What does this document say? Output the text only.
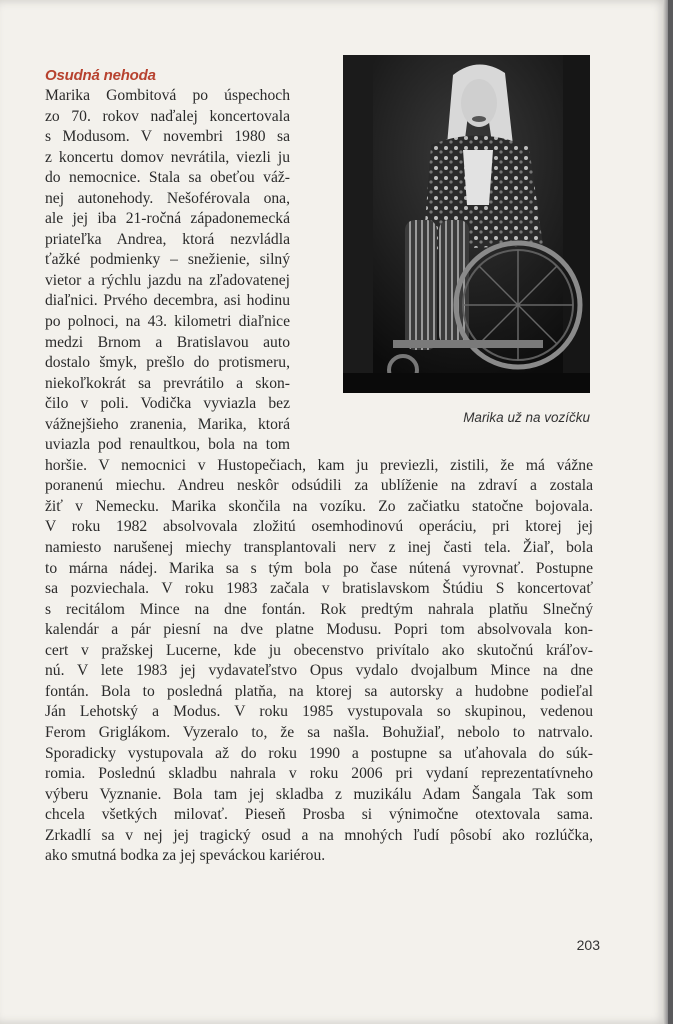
Marika už na vozíčku
Osudná nehoda
Marika Gombitová po úspechoch
zo 70. rokov naďalej koncertovala
s Modusom. V novembri 1980 sa
z koncertu domov nevrátila, viezli ju
do nemocnice. Stala sa obeťou váž-
nej autonehody. Nešoférovala ona,
ale jej iba 21-ročná západonemecká
priateľka Andrea, ktorá nezvládla
ťažké podmienky – snežienie, silný
vietor a rýchlu jazdu na zľadovatenej
diaľnici. Prvého decembra, asi hodinu
po polnoci, na 43. kilometri diaľnice
medzi Brnom a Bratislavou auto
dostalo šmyk, prešlo do protismeru,
niekoľkokrát sa prevrátilo a skon-
čilo v poli. Vodička vyviazla bez
vážnejšieho zranenia, Marika, ktorá
uviazla pod renaultkou, bola na tom
horšie. V nemocnici v Hustopečiach, kam ju previezli, zistili, že má vážne
poranenú miechu. Andreu neskôr odsúdili za ublíženie na zdraví a zostala
žiť v Nemecku. Marika skončila na vozíku. Zo začiatku statočne bojovala.
V roku 1982 absolvovala zložitú osemhodinovú operáciu, pri ktorej jej
namiesto narušenej miechy transplantovali nerv z inej časti tela. Žiaľ, bola
to márna nádej. Marika sa s tým bola po čase nútená vyrovnať. Postupne
sa pozviechala. V roku 1983 začala v bratislavskom Štúdiu S koncertovať
s recitálom Mince na dne fontán. Rok predtým nahrala platňu Slnečný
kalendár a pár piesní na dve platne Modusu. Popri tom absolvovala kon-
cert v pražskej Lucerne, kde ju obecenstvo privítalo ako skutočnú kráľov-
nú. V lete 1983 jej vydavateľstvo Opus vydalo dvojalbum Mince na dne
fontán. Bola to posledná platňa, na ktorej sa autorsky a hudobne podieľal
Ján Lehotský a Modus. V roku 1985 vystupovala so skupinou, vedenou
Ferom Griglákom. Vyzeralo to, že sa našla. Bohužiaľ, nebolo to natrvalo.
Sporadicky vystupovala až do roku 1990 a postupne sa uťahovala do súk-
romia. Poslednú skladbu nahrala v roku 2006 pri vydaní reprezentatívneho
výberu Vyznanie. Bola tam jej skladba z muzikálu Adam Šangala Tak som
chcela všetkých milovať. Pieseň Prosba si výnimočne otextovala sama.
Zrkadlí sa v nej jej tragický osud a na mnohých ľudí pôsobí ako rozlúčka,
ako smutná bodka za jej speváckou kariérou.
203
